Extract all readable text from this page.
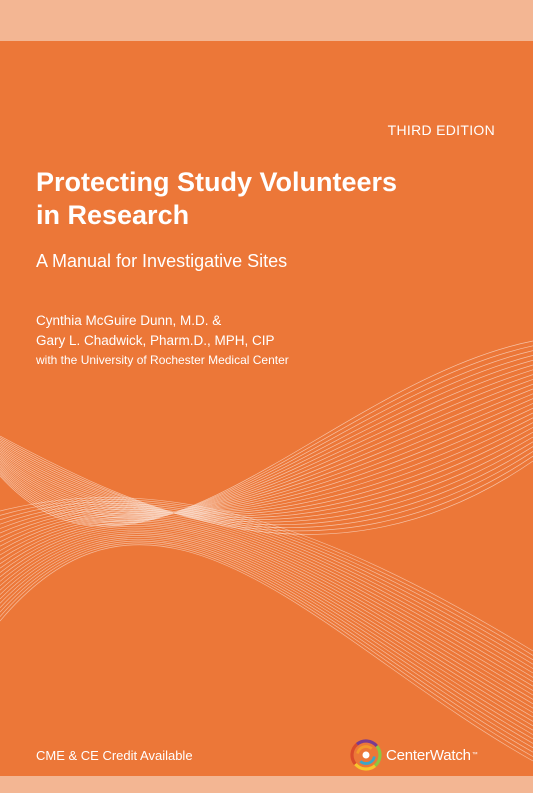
THIRD EDITION
Protecting Study Volunteers
in Research
A Manual for Investigative Sites
Cynthia McGuire Dunn, M.D. &
Gary L. Chadwick, Pharm.D., MPH, CIP
with the University of Rochester Medical Center
CME & CE Credit Available	CenterWatch ™
